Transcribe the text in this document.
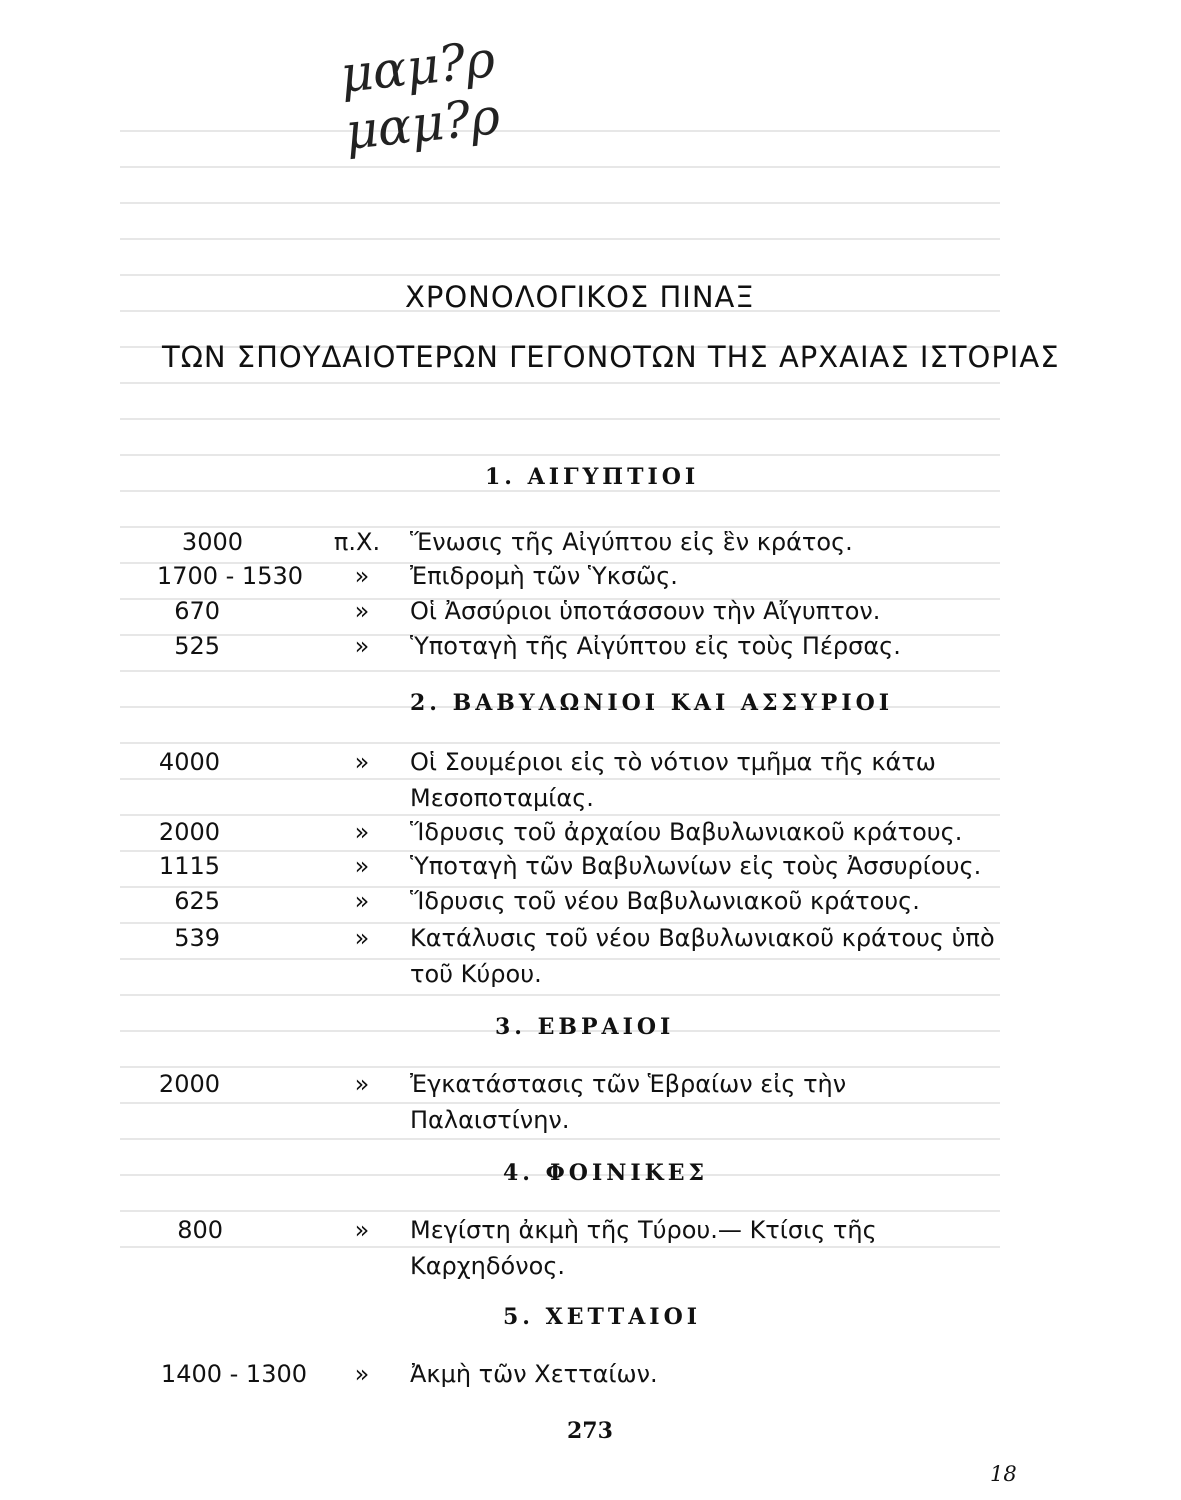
μαμ?ρ
μαμ?ρ
ΧΡΟΝΟΛΟΓΙΚΟΣ ΠΙΝΑΞ
ΤΩΝ ΣΠΟΥΔΑΙΟΤΕΡΩΝ ΓΕΓΟΝΟΤΩΝ ΤΗΣ ΑΡΧΑΙΑΣ ΙΣΤΟΡΙΑΣ
1. ΑΙΓΥΠΤΙΟΙ
3000	π.Χ. Ἕνωσις τῆς Αἰγύπτου εἰς ἓν κράτος.
1700 - 1530	»	Ἐπιδρομὴ τῶν Ὑκσῶς.
670	»	Οἱ Ἀσσύριοι ὑποτάσσουν τὴν Αἴγυπτον.
525	»	Ὑποταγὴ τῆς Αἰγύπτου εἰς τοὺς Πέρσας.
2. ΒΑΒΥΛΩΝΙΟΙ ΚΑΙ ΑΣΣΥΡΙΟΙ
4000	»	Οἱ Σουμέριοι εἰς τὸ νότιον τμῆμα τῆς κάτω Μεσοποταμίας.
2000	»	Ἵδρυσις τοῦ ἀρχαίου Βαβυλωνιακοῦ κράτους.
1115	»	Ὑποταγὴ τῶν Βαβυλωνίων εἰς τοὺς Ἀσσυρίους.
625	»	Ἵδρυσις τοῦ νέου Βαβυλωνιακοῦ κράτους.
539	»	Κατάλυσις τοῦ νέου Βαβυλωνιακοῦ κράτους ὑπὸ τοῦ Κύρου.
3. ΕΒΡΑΙΟΙ
2000	»	Ἐγκατάστασις τῶν Ἑβραίων εἰς τὴν Παλαιστίνην.
4. ΦΟΙΝΙΚΕΣ
800	»	Μεγίστη ἀκμὴ τῆς Τύρου.— Κτίσις τῆς Καρχηδόνος.
5. ΧΕΤΤΑΙΟΙ
1400 - 1300	»	Ἀκμὴ τῶν Χετταίων.
273
18
